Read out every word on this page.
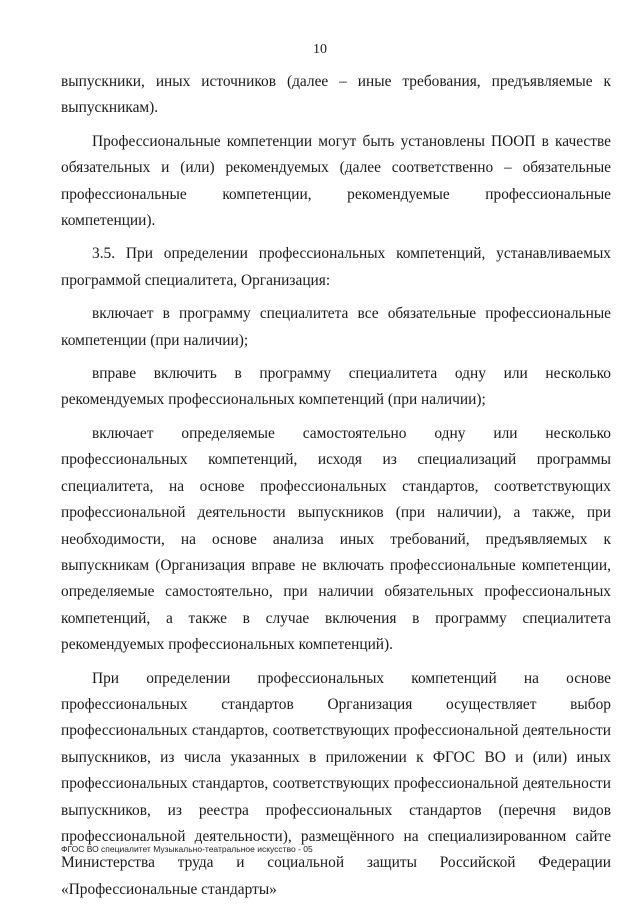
10

выпускники, иных источников (далее – иные требования, предъявляемые к выпускникам).

Профессиональные компетенции могут быть установлены ПООП в качестве обязательных и (или) рекомендуемых (далее соответственно – обязательные профессиональные компетенции, рекомендуемые профессиональные компетенции).

3.5. При определении профессиональных компетенций, устанавливаемых программой специалитета, Организация:

включает в программу специалитета все обязательные профессиональные компетенции (при наличии);

вправе включить в программу специалитета одну или несколько рекомендуемых профессиональных компетенций (при наличии);

включает определяемые самостоятельно одну или несколько профессиональных компетенций, исходя из специализаций программы специалитета, на основе профессиональных стандартов, соответствующих профессиональной деятельности выпускников (при наличии), а также, при необходимости, на основе анализа иных требований, предъявляемых к выпускникам (Организация вправе не включать профессиональные компетенции, определяемые самостоятельно, при наличии обязательных профессиональных компетенций, а также в случае включения в программу специалитета рекомендуемых профессиональных компетенций).

При определении профессиональных компетенций на основе профессиональных стандартов Организация осуществляет выбор профессиональных стандартов, соответствующих профессиональной деятельности выпускников, из числа указанных в приложении к ФГОС ВО и (или) иных профессиональных стандартов, соответствующих профессиональной деятельности выпускников, из реестра профессиональных стандартов (перечня видов профессиональной деятельности), размещённого на специализированном сайте Министерства труда и социальной защиты Российской Федерации «Профессиональные стандарты»

ФГОС ВО специалитет Музыкально-театральное искусство - 05
